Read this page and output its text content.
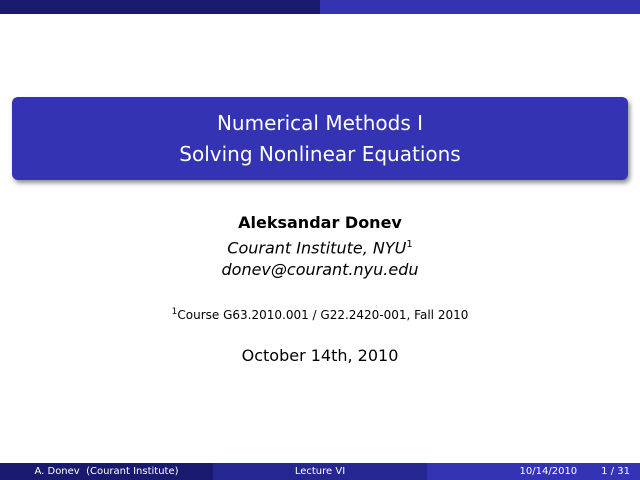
Numerical Methods I
Solving Nonlinear Equations
Aleksandar Donev
Courant Institute, NYU$^1$
donev@courant.nyu.edu
$^1$Course G63.2010.001 / G22.2420-001, Fall 2010
October 14th, 2010
A. Donev  (Courant Institute)	Lecture VI	10/14/2010 1 / 31
